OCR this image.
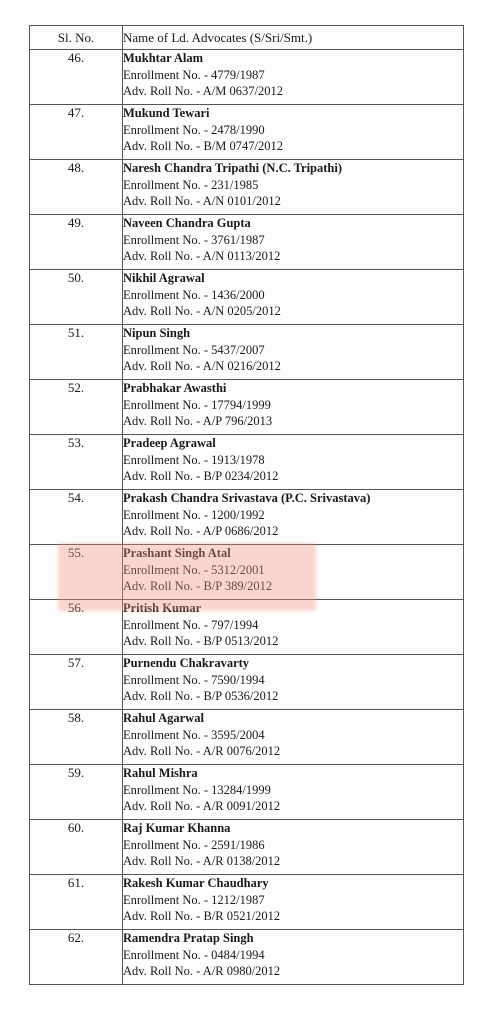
Sl. No.	Name of Ld. Advocates (S/Sri/Smt.)
46.	Mukhtar Alam
Enrollment No. - 4779/1987
Adv. Roll No. - A/M 0637/2012

47.	Mukund Tewari
Enrollment No. - 2478/1990
Adv. Roll No. - B/M 0747/2012

48.	Naresh Chandra Tripathi (N.C. Tripathi)
Enrollment No. - 231/1985
Adv. Roll No. - A/N 0101/2012

49.	Naveen Chandra Gupta
Enrollment No. - 3761/1987
Adv. Roll No. - A/N 0113/2012

50.	Nikhil Agrawal
Enrollment No. - 1436/2000
Adv. Roll No. - A/N 0205/2012

51.	Nipun Singh
Enrollment No. - 5437/2007
Adv. Roll No. - A/N 0216/2012

52.	Prabhakar Awasthi
Enrollment No. - 17794/1999
Adv. Roll No. - A/P 796/2013

53.	Pradeep Agrawal
Enrollment No. - 1913/1978
Adv. Roll No. - B/P 0234/2012

54.	Prakash Chandra Srivastava (P.C. Srivastava)
Enrollment No. - 1200/1992
Adv. Roll No. - A/P 0686/2012

55.	Prashant Singh Atal
Enrollment No. - 5312/2001
Adv. Roll No. - B/P 389/2012

56.	Pritish Kumar
Enrollment No. - 797/1994
Adv. Roll No. - B/P 0513/2012

57.	Purnendu Chakravarty
Enrollment No. - 7590/1994
Adv. Roll No. - B/P 0536/2012

58.	Rahul Agarwal
Enrollment No. - 3595/2004
Adv. Roll No. - A/R 0076/2012

59.	Rahul Mishra
Enrollment No. - 13284/1999
Adv. Roll No. - A/R 0091/2012

60.	Raj Kumar Khanna
Enrollment No. - 2591/1986
Adv. Roll No. - A/R 0138/2012

61.	Rakesh Kumar Chaudhary
Enrollment No. - 1212/1987
Adv. Roll No. - B/R 0521/2012

62.	Ramendra Pratap Singh
Enrollment No. - 0484/1994
Adv. Roll No. - A/R 0980/2012
